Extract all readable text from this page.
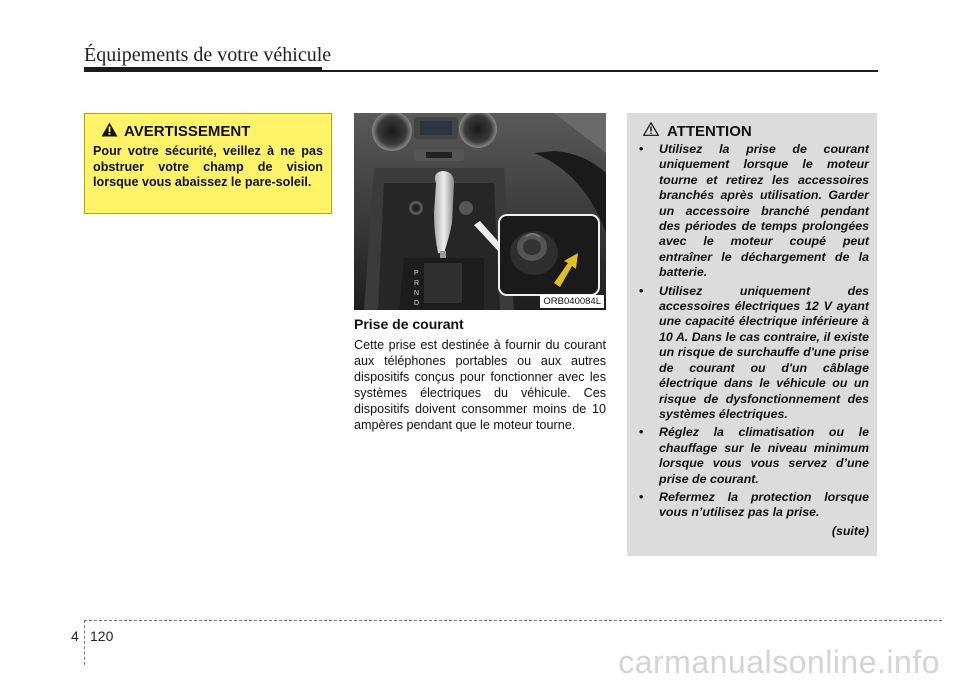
Équipements de votre véhicule
AVERTISSEMENT
Pour votre sécurité, veillez à ne pas obstruer votre champ de vision lorsque vous abaissez le pare-soleil.
P
R
N
D	ORB040084L
Prise de courant
Cette prise est destinée à fournir du courant aux téléphones portables ou aux autres dispositifs conçus pour fonctionner avec les systèmes électriques du véhicule. Ces dispositifs doivent consommer moins de 10 ampères pendant que le moteur tourne.
ATTENTION
• Utilisez la prise de courant uniquement lorsque le moteur tourne et retirez les accessoires branchés après utilisation. Garder un accessoire branché pendant des périodes de temps prolongées avec le moteur coupé peut entraîner le déchargement de la batterie.
• Utilisez uniquement des accessoires électriques 12 V ayant une capacité électrique inférieure à 10 A. Dans le cas contraire, il existe un risque de surchauffe d'une prise de courant ou d'un câblage électrique dans le véhicule ou un risque de dysfonctionnement des systèmes électriques.
• Réglez la climatisation ou le chauffage sur le niveau minimum lorsque vous vous servez d’une prise de courant.
• Refermez la protection lorsque vous n’utilisez pas la prise.
(suite)
4 120
carmanualsonline.info
